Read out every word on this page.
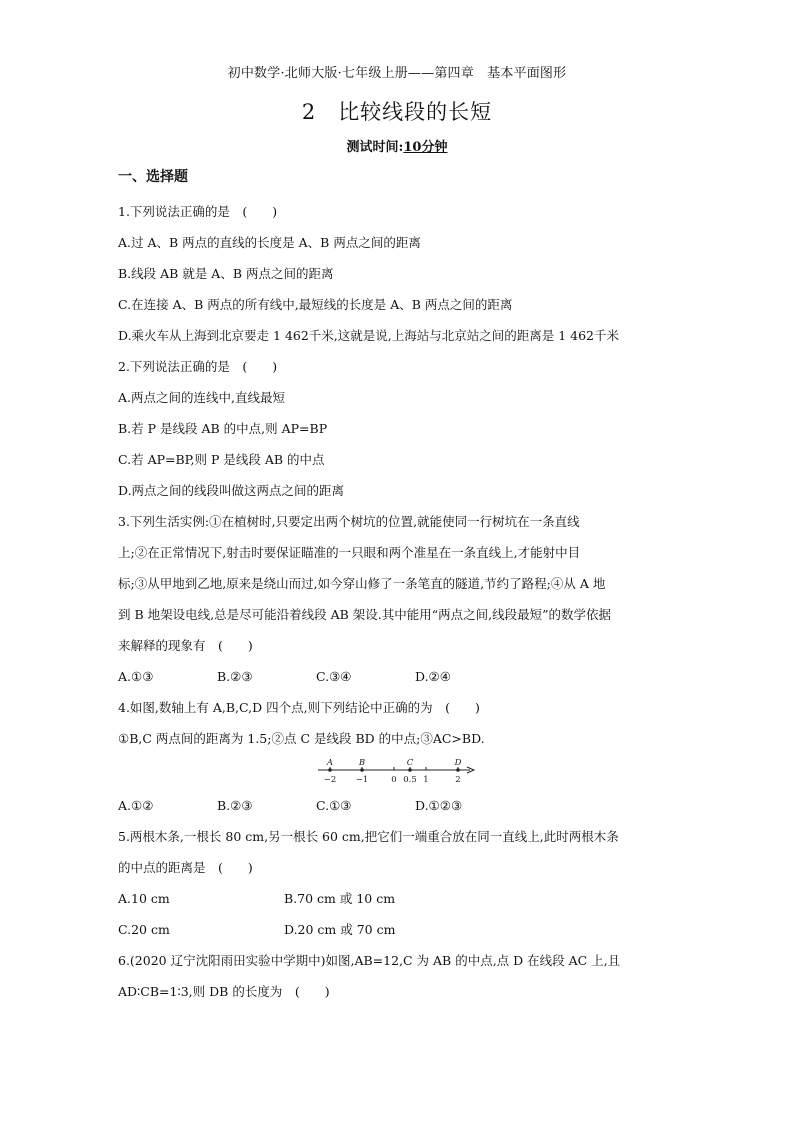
初中数学·北师大版·七年级上册——第四章　基本平面图形
2 比较线段的长短
测试时间:10分钟
一、选择题
1.下列说法正确的是　(　　)
A.过 A、B 两点的直线的长度是 A、B 两点之间的距离
B.线段 AB 就是 A、B 两点之间的距离
C.在连接 A、B 两点的所有线中,最短线的长度是 A、B 两点之间的距离
D.乘火车从上海到北京要走 1 462千米,这就是说,上海站与北京站之间的距离是 1 462千米
2.下列说法正确的是　(　　)
A.两点之间的连线中,直线最短
B.若 P 是线段 AB 的中点,则 AP=BP
C.若 AP=BP,则 P 是线段 AB 的中点
D.两点之间的线段叫做这两点之间的距离
3.下列生活实例:①在植树时,只要定出两个树坑的位置,就能使同一行树坑在一条直线
上;②在正常情况下,射击时要保证瞄准的一只眼和两个准星在一条直线上,才能射中目
标;③从甲地到乙地,原来是绕山而过,如今穿山修了一条笔直的隧道,节约了路程;④从 A 地
到 B 地架设电线,总是尽可能沿着线段 AB 架设.其中能用“两点之间,线段最短”的数学依据
来解释的现象有　(　　)
A.①③	B.②③	C.③④	D.②④
4.如图,数轴上有 A,B,C,D 四个点,则下列结论中正确的为　(　　)
①B,C 两点间的距离为 1.5;②点 C 是线段 BD 的中点;③AC>BD.
−2 −1	0 0.5 1	2
A	B	C	D
A.①②	B.②③	C.①③	D.①②③
5.两根木条,一根长 80 cm,另一根长 60 cm,把它们一端重合放在同一直线上,此时两根木条
的中点的距离是　(　　)
A.10 cm	B.70 cm 或 10 cm
C.20 cm	D.20 cm 或 70 cm
6.(2020 辽宁沈阳雨田实验中学期中)如图,AB=12,C 为 AB 的中点,点 D 在线段 AC 上,且
AD∶CB=1∶3,则 DB 的长度为　(　　)
